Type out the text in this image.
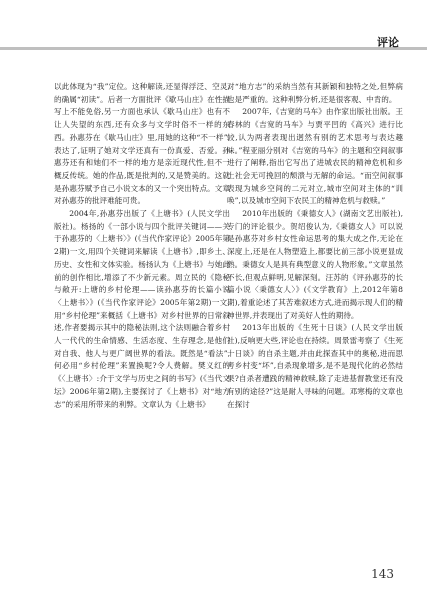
评论

以此体现为“我”定位。这种解读,还显得浮泛、空灵,的确属“初读”。后者一方面批评《歇马山庄》在性描写上不能免俗,另一方面也承认《歇马山庄》也有不让人失望的东西,还有众多与文学时俗不一样的东西。孙惠芬在《歇马山庄》里,用她的这种“不一样”,表达了,证明了她对文学还真有一份真爱、否爱。孙惠芬还有和她们不一样的地方是亲近现代性,但不一概反传统。她的作品,既是批判的,又是赞美的。这就是孙惠芬赋予自己小说文本的又一个突出特点。文章对孙惠芬的批评难能可贵。

2004年,孙惠芬出版了《上塘书》(人民文学出版社)。杨扬的《一部小说与四个批评关键词——关于孙惠芬的〈上塘书〉》(《当代作家评论》2005年第2期)一文,用四个关键词来解读《上塘书》,即乡土、历史、女性和文体实验。杨扬认为《上塘书》与她此前的创作相比,增添了不少新元素。周立民的《隐秘与敞开:上塘的乡村伦理——读孙惠芬的长篇小说〈上塘书〉》(《当代作家评论》2005年第2期)一文,用“乡村伦理”来概括《上塘书》对乡村世界的日常叙述,作者要揭示其中的隐秘法则,这个法则融合着乡村人一代代的生命情感、生活态度、生存理念,是他们对自我、他人与更广阔世界的看法。既然是“看法”,何必用“乡村伦理”来置换呢?令人费解。樊义红的《〈上塘书〉:介于文学与历史之间的书写》(《当代文坛》2006年第2期),主要探讨了《上塘书》对“地方志”的采用所带来的利弊。文章认为《上塘书》

对“地方志”的采纳当然有其新颖和独特之处,但弊病也是严重的。这种利弊分析,还是很客观、中肯的。

2007年,《吉宽的马车》由作家出版社出版。王春林的《吉宽的马车》与贾平凹的《高兴》进行比较,认为两者表现出迥然有别的艺术思考与表达趣味。”程亚丽分别对《吉宽的马车》的主题和空间叙事进行了阐释,指出它写出了进城农民的精神危机和乡土社会无可挽回的颓溃与无解的命运。“而空间叙事表现为城乡空间的二元对立,城市空间对主体的“训唤”,以及城市空间下农民工的精神危机与救赎。”

2010年出版的《秉德女人》(湖南文艺出版社),专门的评论很少。贺绍俊认为,《秉德女人》可以说是孙惠芬对乡村女性命运思考的集大成之作,无论在深度上,还是在人物塑造上,都要比前三部小说更显成熟。秉德女人是具有典型意义的人物形象。”文章虽然不长,但观点鲜明,见解深刻。汪苏的《评孙惠芬的长篇小说〈秉德女人〉》(《文学教育》上,2012年第8期),着重论述了其苦难叙述方式,进而揭示现人们的精神世界,并表现出了对美好人性的期待。

2013年出版的《生死十日谈》(人民文学出版社),反响更大些,评论也在持续。周景雷考察了《生死十日谈》的自杀主题,并由此探查其中的奥秘,进而思考乡村变“坏”,自杀现象增多,是不是现代化的必然结果?自杀者遭践的精神救赎,除了走进基督教堂还有没有别的途径?”这是耐人寻味的问题。邓寒梅的文章也在探讨

143
